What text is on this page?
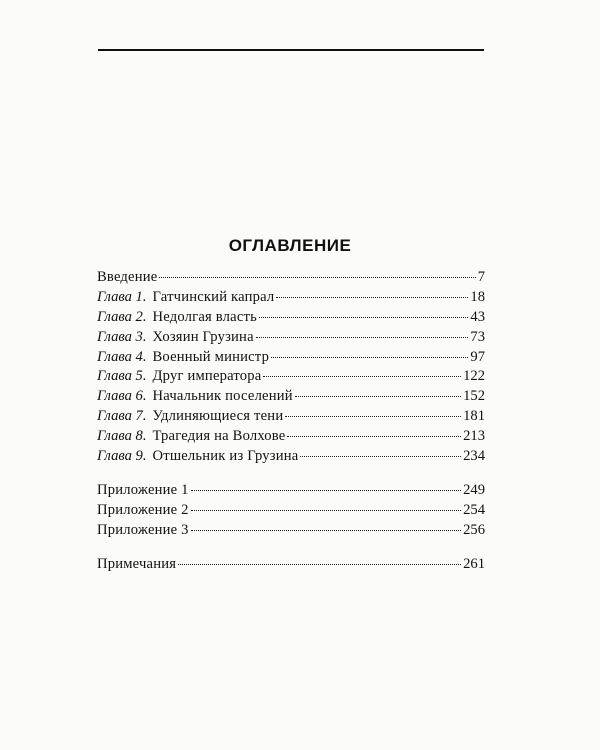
ОГЛАВЛЕНИЕ
Введение	7
Глава 1. Гатчинский капрал	18
Глава 2. Недолгая власть	43
Глава 3. Хозяин Грузина	73
Глава 4. Военный министр	97
Глава 5. Друг императора	122
Глава 6. Начальник поселений	152
Глава 7. Удлиняющиеся тени	181
Глава 8. Трагедия на Волхове	213
Глава 9. Отшельник из Грузина	234
Приложение 1	249
Приложение 2	254
Приложение 3	256
Примечания	261
